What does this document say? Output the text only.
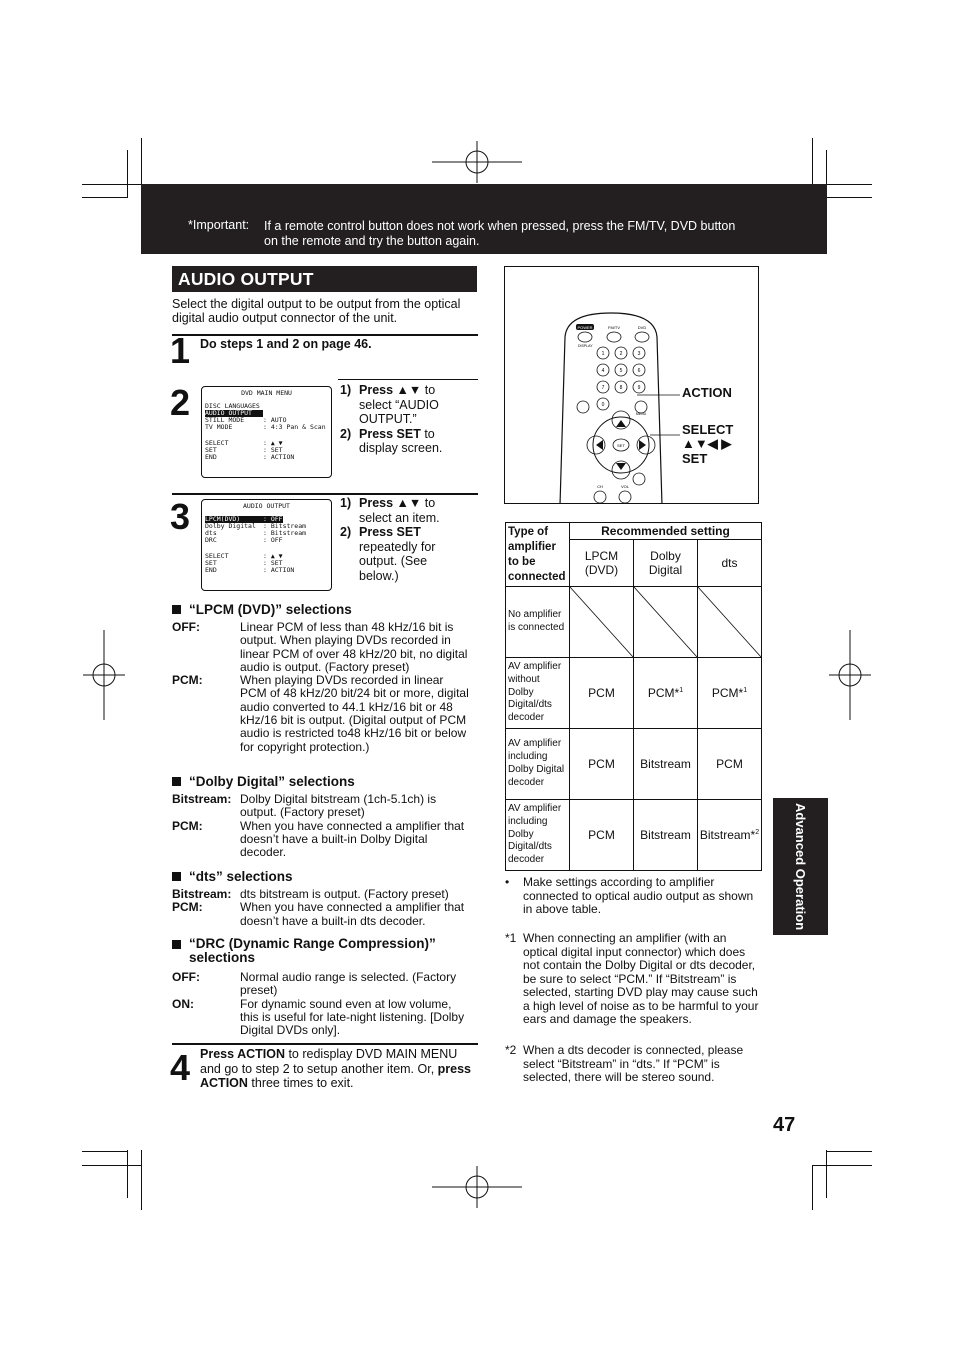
*Important: If a remote control button does not work when pressed, press the FM/TV, DVD button
on the remote and try the button again.
AUDIO OUTPUT
Select the digital output to be output from the optical digital audio output connector of the unit.
1 Do steps 1 and 2 on page 46.
2	DVD MAIN MENU
DISC LANGUAGES
AUDIO OUTPUT
STILL MODE	: AUTO
TV MODE	: 4:3 Pan & Scan
SELECT	: ▲ ▼
SET	: SET
END	: ACTION
1) Press ▲▼ to select “AUDIO OUTPUT.”
2) Press SET to display screen.
3	AUDIO OUTPUT
LPCM(DVD)	: OFF
Dolby Digital	: Bitstream
dts	: Bitstream
DRC	: OFF
SELECT	: ▲ ▼
SET	: SET
END	: ACTION
1) Press ▲▼ to select an item.
2) Press SET repeatedly for output. (See below.)
“LPCM (DVD)” selections
OFF:	Linear PCM of less than 48 kHz/16 bit is output. When playing DVDs recorded in linear PCM of over 48 kHz/20 bit, no digital audio is output. (Factory preset)
PCM:	When playing DVDs recorded in linear PCM of 48 kHz/20 bit/24 bit or more, digital audio converted to 44.1 kHz/16 bit or 48 kHz/16 bit is output. (Digital output of PCM audio is restricted to48 kHz/16 bit or below for copyright protection.)
“Dolby Digital” selections
Bitstream: Dolby Digital bitstream (1ch-5.1ch) is output. (Factory preset)
PCM:	When you have connected a amplifier that doesn’t have a built-in Dolby Digital decoder.
“dts” selections
Bitstream: dts bitstream is output. (Factory preset)
PCM:	When you have connected a amplifier that doesn’t have a built-in dts decoder.
“DRC (Dynamic Range Compression)” selections
OFF:	Normal audio range is selected. (Factory preset)
ON:	For dynamic sound even at low volume, this is useful for late-night listening. [Dolby Digital DVDs only].
4 Press ACTION to redisplay DVD MAIN MENU and go to step 2 to setup another item. Or, press ACTION three times to exit.
POWER	FM/TV	DVD
DISPLAY
1	2	3
4	5	6
7	8	9
0
SET
MENU
CH	VOL
ACTION
SELECT
▲▼◀ ▶
SET
Type of amplifier to be connected	Recommended setting		
	LPCM (DVD)	Dolby Digital	dts
No amplifier is connected	

AV amplifier without Dolby Digital/dts decoder	PCM	PCM*$^1$	PCM*$^1$
AV amplifier including Dolby Digital decoder	PCM	Bitstream	PCM
AV amplifier including Dolby Digital/dts decoder	PCM	Bitstream	Bitstream*$^2$
•	Make settings according to amplifier connected to optical audio output as shown in above table.
*1 When connecting an amplifier (with an optical digital input connector) which does not contain the Dolby Digital or dts decoder, be sure to select “PCM.” If “Bitstream” is selected, starting DVD play may cause such a high level of noise as to be harmful to your ears and damage the speakers.
*2 When a dts decoder is connected, please select “Bitstream” in “dts.” If “PCM” is selected, there will be stereo sound.
Advanced Operation
47
